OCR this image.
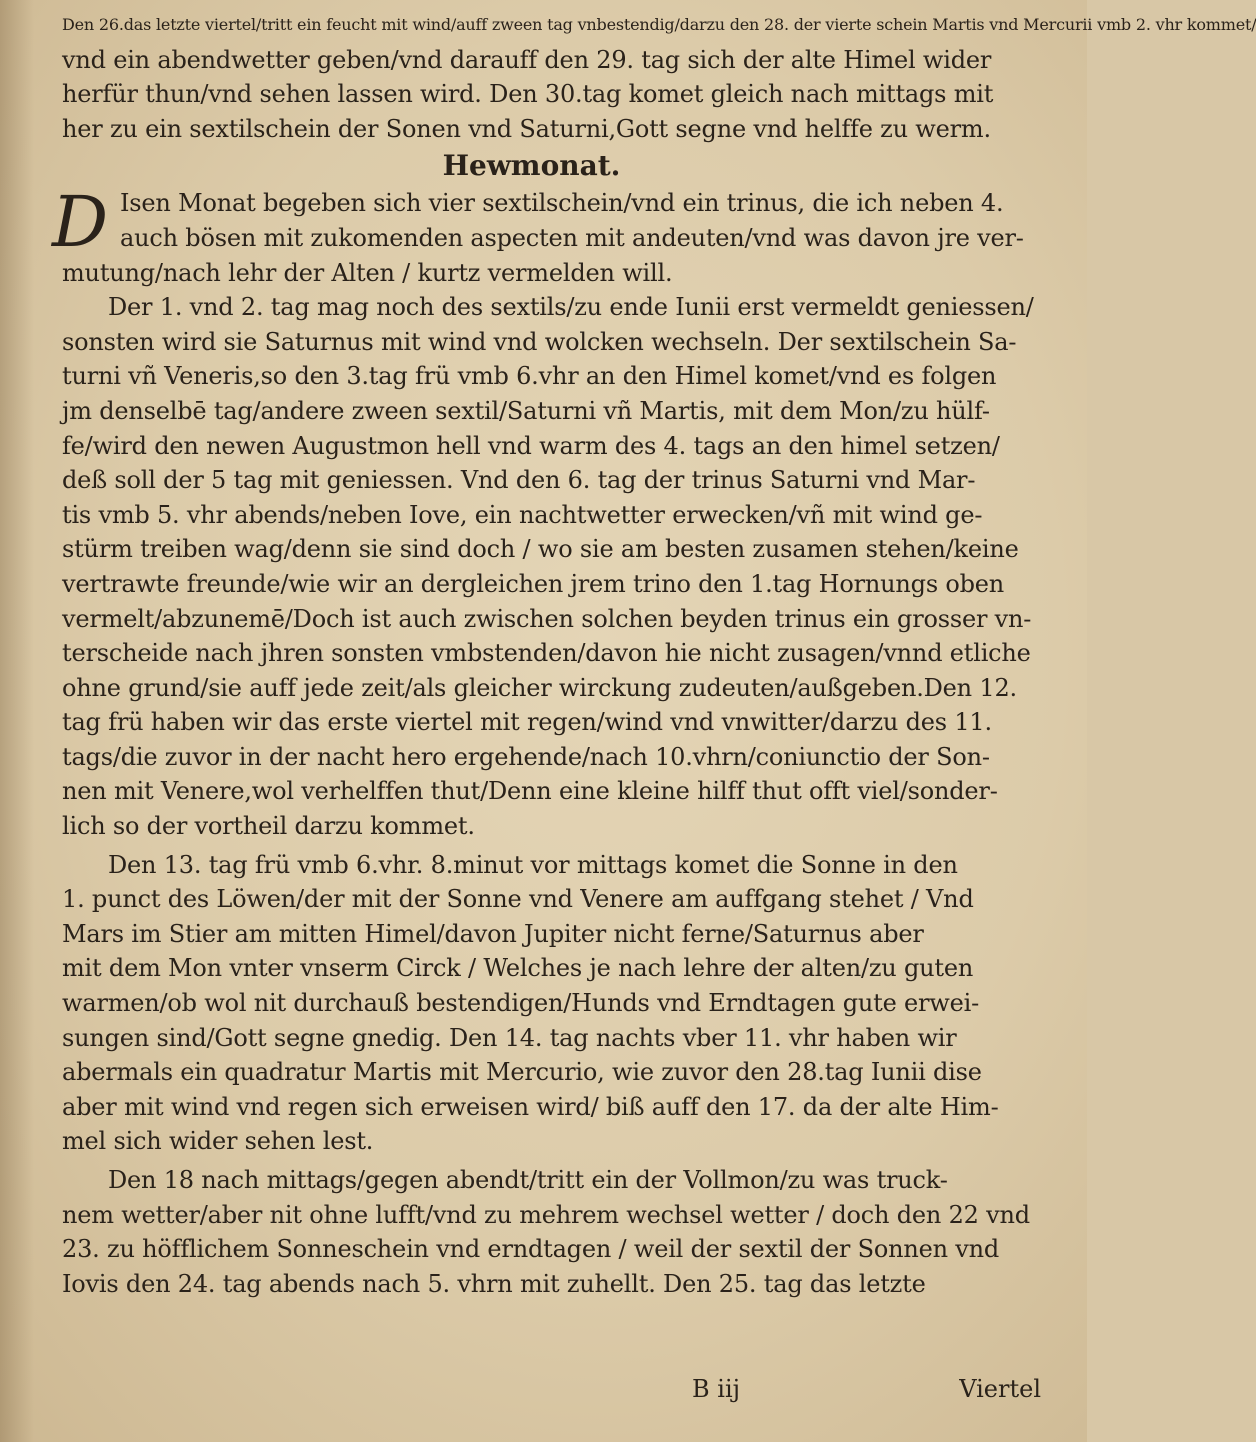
Den 26.das letzte viertel/tritt ein feucht mit wind/auff zween tag vnbestendig/darzu den 28. der vierte schein Martis vnd Mercurii vmb 2. vhr kommet/
vnd ein abendwetter geben/vnd darauff den 29. tag sich der alte Himel wider
herfür thun/vnd sehen lassen wird. Den 30.tag komet gleich nach mittags mit
her zu ein sextilschein der Sonen vnd Saturni,Gott segne vnd helffe zu werm.
Hewmonat.
D Isen Monat begeben sich vier sextilschein/vnd ein trinus, die ich neben 4.
auch bösen mit zukomenden aspecten mit andeuten/vnd was davon jre ver-
mutung/nach lehr der Alten / kurtz vermelden will.
Der 1. vnd 2. tag mag noch des sextils/zu ende Iunii erst vermeldt geniessen/
sonsten wird sie Saturnus mit wind vnd wolcken wechseln. Der sextilschein Sa-
turni vñ Veneris,so den 3.tag frü vmb 6.vhr an den Himel komet/vnd es folgen
jm denselbē tag/andere zween sextil/Saturni vñ Martis, mit dem Mon/zu hülf-
fe/wird den newen Augustmon hell vnd warm des 4. tags an den himel setzen/
deß soll der 5 tag mit geniessen. Vnd den 6. tag der trinus Saturni vnd Mar-
tis vmb 5. vhr abends/neben Iove, ein nachtwetter erwecken/vñ mit wind ge-
stürm treiben wag/denn sie sind doch / wo sie am besten zusamen stehen/keine
vertrawte freunde/wie wir an dergleichen jrem trino den 1.tag Hornungs oben
vermelt/abzunemē/Doch ist auch zwischen solchen beyden trinus ein grosser vn-
terscheide nach jhren sonsten vmbstenden/davon hie nicht zusagen/vnnd etliche
ohne grund/sie auff jede zeit/als gleicher wirckung zudeuten/außgeben.Den 12.
tag frü haben wir das erste viertel mit regen/wind vnd vnwitter/darzu des 11.
tags/die zuvor in der nacht hero ergehende/nach 10.vhrn/coniunctio der Son-
nen mit Venere,wol verhelffen thut/Denn eine kleine hilff thut offt viel/sonder-
lich so der vortheil darzu kommet.
Den 13. tag frü vmb 6.vhr. 8.minut vor mittags komet die Sonne in den
1. punct des Löwen/der mit der Sonne vnd Venere am auffgang stehet / Vnd
Mars im Stier am mitten Himel/davon Jupiter nicht ferne/Saturnus aber
mit dem Mon vnter vnserm Circk / Welches je nach lehre der alten/zu guten
warmen/ob wol nit durchauß bestendigen/Hunds vnd Erndtagen gute erwei-
sungen sind/Gott segne gnedig. Den 14. tag nachts vber 11. vhr haben wir
abermals ein quadratur Martis mit Mercurio, wie zuvor den 28.tag Iunii dise
aber mit wind vnd regen sich erweisen wird/ biß auff den 17. da der alte Him-
mel sich wider sehen lest.
Den 18 nach mittags/gegen abendt/tritt ein der Vollmon/zu was truck-
nem wetter/aber nit ohne lufft/vnd zu mehrem wechsel wetter / doch den 22 vnd
23. zu höfflichem Sonneschein vnd erndtagen / weil der sextil der Sonnen vnd
Iovis den 24. tag abends nach 5. vhrn mit zuhellt. Den 25. tag das letzte
B iij	Viertel
